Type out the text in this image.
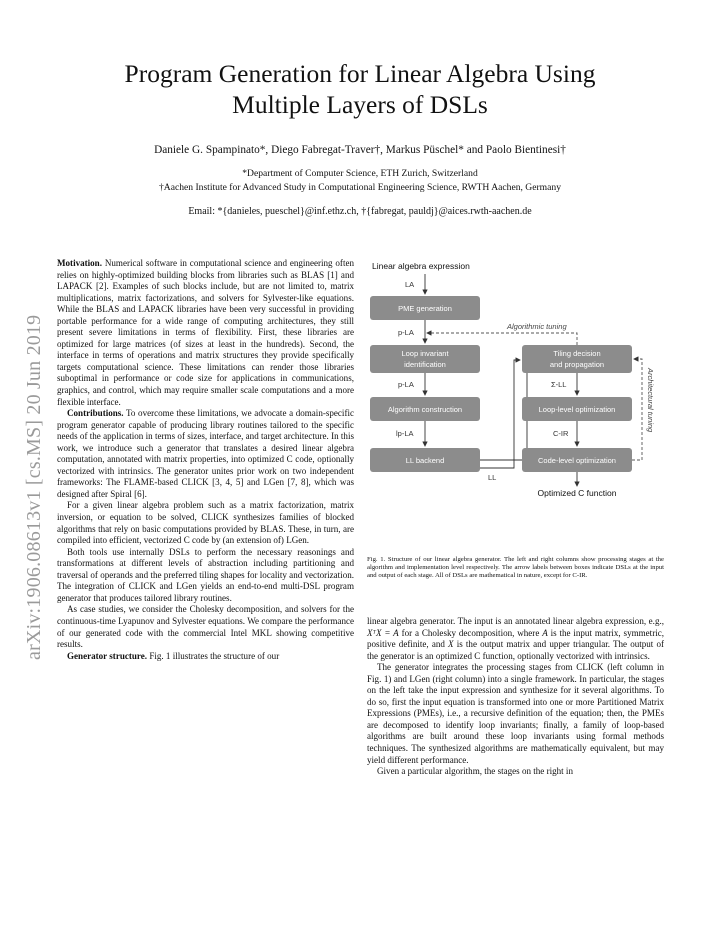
Program Generation for Linear Algebra Using
Multiple Layers of DSLs
Daniele G. Spampinato*, Diego Fabregat-Traver†, Markus Püschel* and Paolo Bientinesi†
*Department of Computer Science, ETH Zurich, Switzerland
†Aachen Institute for Advanced Study in Computational Engineering Science, RWTH Aachen, Germany
Email: *{danieles, pueschel}@inf.ethz.ch, †{fabregat, pauldj}@aices.rwth-aachen.de
arXiv:1906.08613v1 [cs.MS] 20 Jun 2019

Motivation. Numerical software in computational science and engineering often relies on highly-optimized building blocks from libraries such as BLAS [1] and LAPACK [2]. Examples of such blocks include, but are not limited to, matrix multiplications, matrix factorizations, and solvers for Sylvester-like equations. While the BLAS and LAPACK libraries have been very successful in providing portable performance for a wide range of computing architectures, they still present severe limitations in terms of flexibility. First, these libraries are optimized for large matrices (of sizes at least in the hundreds). Second, the interface in terms of operations and matrix structures they provide specifically targets computational science. These limitations can render those libraries suboptimal in performance or code size for applications in communications, graphics, and control, which may require smaller scale computations and a more flexible interface.

Contributions. To overcome these limitations, we advocate a domain-specific program generator capable of producing library routines tailored to the specific needs of the application in terms of sizes, interface, and target architecture. In this work, we introduce such a generator that translates a desired linear algebra computation, annotated with matrix properties, into optimized C code, optionally vectorized with intrinsics. The generator unites prior work on two independent frameworks: The FLAME-based CLICK [3, 4, 5] and LGen [7, 8], which was designed after Spiral [6].

For a given linear algebra problem such as a matrix factorization, matrix inversion, or equation to be solved, CLICK synthesizes families of blocked algorithms that rely on basic computations provided by BLAS. These, in turn, are compiled into efficient, vectorized C code by (an extension of) LGen.

Both tools use internally DSLs to perform the necessary reasonings and transformations at different levels of abstraction including partitioning and traversal of operands and the preferred tiling shapes for locality and vectorization. The integration of CLICK and LGen yields an end-to-end multi-DSL program generator that produces tailored library routines.

As case studies, we consider the Cholesky decomposition, and solvers for the continuous-time Lyapunov and Sylvester equations. We compare the performance of our generated code with the commercial Intel MKL showing competitive results.

Generator structure. Fig. 1 illustrates the structure of our

Linear algebra expression
LA
PME generation
p-LA
Loop invariant
identification
p-LA
Algorithm construction
lp-LA
LL backend
LL
Tiling decision
and propagation
Σ-LL
Loop-level optimization
C-IR
Code-level optimization
Optimized C function
Algorithmic tuning
Architectural tuning
Fig. 1. Structure of our linear algebra generator. The left and right columns show processing stages at the algorithm and implementation level respectively. The arrow labels between boxes indicate DSLs at the input and output of each stage. All of DSLs are mathematical in nature, except for C-IR.

linear algebra generator. The input is an annotated linear algebra expression, e.g., XᵀX = A for a Cholesky decomposition, where A is the input matrix, symmetric, positive definite, and X is the output matrix and upper triangular. The output of the generator is an optimized C function, optionally vectorized with intrinsics.

The generator integrates the processing stages from CLICK (left column in Fig. 1) and LGen (right column) into a single framework. In particular, the stages on the left take the input expression and synthesize for it several algorithms. To do so, first the input equation is transformed into one or more Partitioned Matrix Expressions (PMEs), i.e., a recursive definition of the equation; then, the PMEs are decomposed to identify loop invariants; finally, a family of loop-based algorithms are built around these loop invariants using formal methods techniques. The synthesized algorithms are mathematically equivalent, but may yield different performance.

Given a particular algorithm, the stages on the right in
